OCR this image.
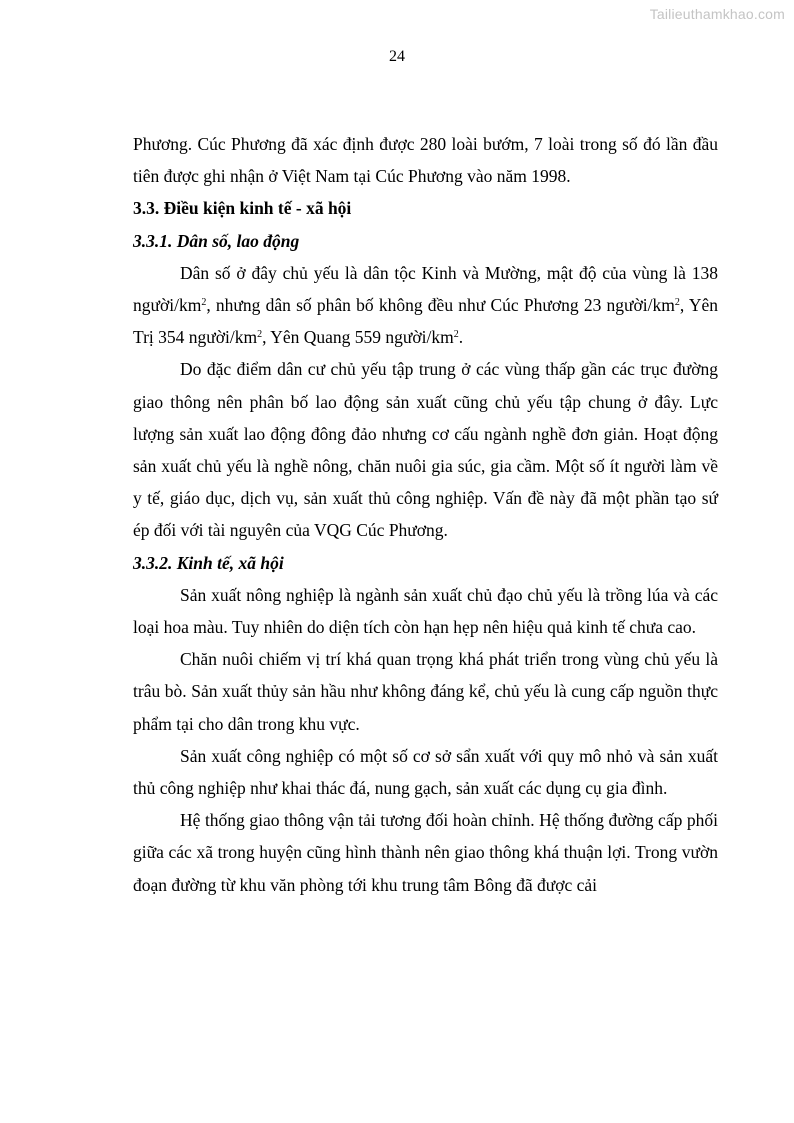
Tailieuthamkhao.com
24

Phương. Cúc Phương đã xác định được 280 loài bướm, 7 loài trong số đó lần đầu tiên được ghi nhận ở Việt Nam tại Cúc Phương vào năm 1998.

3.3. Điều kiện kinh tế - xã hội

3.3.1. Dân số, lao động

Dân số ở đây chủ yếu là dân tộc Kinh và Mường, mật độ của vùng là 138 người/$km^2$, nhưng dân số phân bố không đều như Cúc Phương 23 người/$km^2$, Yên Trị 354 người/$km^2$, Yên Quang 559 người/$km^2$.

Do đặc điểm dân cư chủ yếu tập trung ở các vùng thấp gần các trục đường giao thông nên phân bố lao động sản xuất cũng chủ yếu tập chung ở đây. Lực lượng sản xuất lao động đông đảo nhưng cơ cấu ngành nghề đơn giản. Hoạt động sản xuất chủ yếu là nghề nông, chăn nuôi gia súc, gia cầm. Một số ít người làm về y tế, giáo dục, dịch vụ, sản xuất thủ công nghiệp. Vấn đề này đã một phần tạo sứ ép đối với tài nguyên của VQG Cúc Phương.

3.3.2. Kinh tế, xã hội

Sản xuất nông nghiệp là ngành sản xuất chủ đạo chủ yếu là trồng lúa và các loại hoa màu. Tuy nhiên do diện tích còn hạn hẹp nên hiệu quả kinh tế chưa cao.

Chăn nuôi chiếm vị trí khá quan trọng khá phát triển trong vùng chủ yếu là trâu bò. Sản xuất thủy sản hầu như không đáng kể, chủ yếu là cung cấp nguồn thực phẩm tại cho dân trong khu vực.

Sản xuất công nghiệp có một số cơ sở sẩn xuất với quy mô nhỏ và sản xuất thủ công nghiệp như khai thác đá, nung gạch, sản xuất các dụng cụ gia đình.

Hệ thống giao thông vận tải tương đối hoàn chỉnh. Hệ thống đường cấp phối giữa các xã trong huyện cũng hình thành nên giao thông khá thuận lợi. Trong vườn đoạn đường từ khu văn phòng tới khu trung tâm Bông đã được cải
